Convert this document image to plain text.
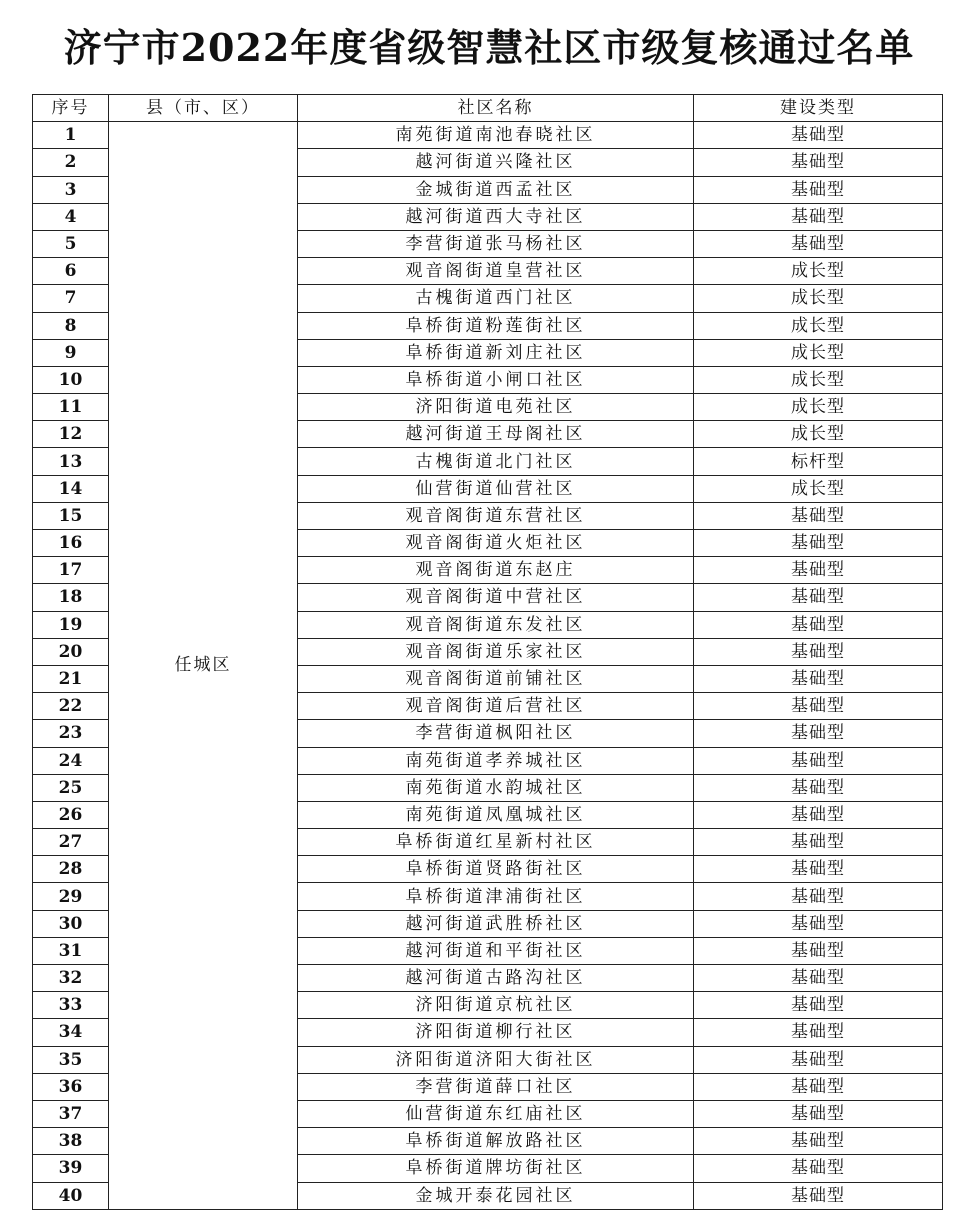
济宁市2022年度省级智慧社区市级复核通过名单
序号	县（市、区）	社区名称	建设类型
1	任城区	南苑街道南池春晓社区	基础型
2		越河街道兴隆社区	基础型
3		金城街道西孟社区	基础型
4		越河街道西大寺社区	基础型
5		李营街道张马杨社区	基础型
6		观音阁街道皇营社区	成长型
7		古槐街道西门社区	成长型
8		阜桥街道粉莲街社区	成长型
9		阜桥街道新刘庄社区	成长型
10		阜桥街道小闸口社区	成长型
11		济阳街道电苑社区	成长型
12		越河街道王母阁社区	成长型
13		古槐街道北门社区	标杆型
14		仙营街道仙营社区	成长型
15		观音阁街道东营社区	基础型
16		观音阁街道火炬社区	基础型
17		观音阁街道东赵庄	基础型
18		观音阁街道中营社区	基础型
19		观音阁街道东发社区	基础型
20		观音阁街道乐家社区	基础型
21		观音阁街道前铺社区	基础型
22		观音阁街道后营社区	基础型
23		李营街道枫阳社区	基础型
24		南苑街道孝养城社区	基础型
25		南苑街道水韵城社区	基础型
26		南苑街道凤凰城社区	基础型
27		阜桥街道红星新村社区	基础型
28		阜桥街道贤路街社区	基础型
29		阜桥街道津浦街社区	基础型
30		越河街道武胜桥社区	基础型
31		越河街道和平街社区	基础型
32		越河街道古路沟社区	基础型
33		济阳街道京杭社区	基础型
34		济阳街道柳行社区	基础型
35		济阳街道济阳大街社区	基础型
36		李营街道薛口社区	基础型
37		仙营街道东红庙社区	基础型
38		阜桥街道解放路社区	基础型
39		阜桥街道牌坊街社区	基础型
40		金城开泰花园社区	基础型
